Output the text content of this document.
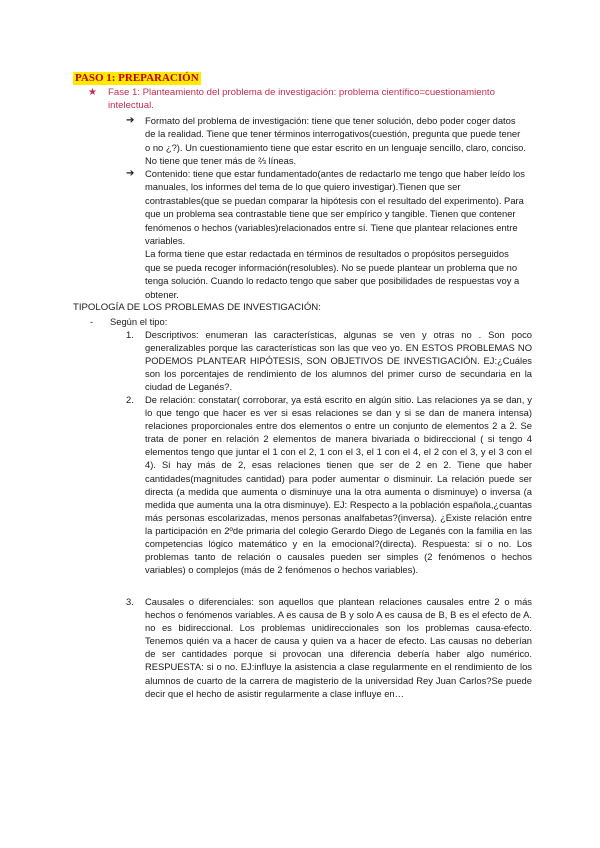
PASO 1: PREPARACIÓN
★	Fase 1: Planteamiento del problema de investigación: problema científico=cuestionamiento intelectual.
➔	Formato del problema de investigación: tiene que tener solución, debo poder coger datos de la realidad. Tiene que tener términos interrogativos(cuestión, pregunta que puede tener o no ¿?). Un cuestionamiento tiene que estar escrito en un lenguaje sencillo, claro, conciso. No tiene que tener más de ⅔ líneas.
➔ Contenido: tiene que estar fundamentado(antes de redactarlo me tengo que haber leído los manuales, los informes del tema de lo que quiero investigar).Tienen que ser contrastables(que se puedan comparar la hipótesis con el resultado del experimento). Para que un problema sea contrastable tiene que ser empírico y tangible. Tienen que contener fenómenos o hechos (variables)relacionados entre sí. Tiene que plantear relaciones entre variables.

La forma tiene que estar redactada en términos de resultados o propósitos perseguidos que se pueda recoger información(resolubles). No se puede plantear un problema que no tenga solución. Cuando lo redacto tengo que saber que posibilidades de respuestas voy a obtener.

TIPOLOGÍA DE LOS PROBLEMAS DE INVESTIGACIÓN:
-	Según el tipo:
1.	Descriptivos: enumeran las características, algunas se ven y otras no . Son poco generalizables porque las características son las que veo yo. EN ESTOS PROBLEMAS NO PODEMOS PLANTEAR HIPÓTESIS, SON OBJETIVOS DE INVESTIGACIÓN. EJ:¿Cuáles son los porcentajes de rendimiento de los alumnos del primer curso de secundaria en la ciudad de Leganés?.
2.	De relación: constatar( corroborar, ya está escrito en algún sitio. Las relaciones ya se dan, y lo que tengo que hacer es ver si esas relaciones se dan y si se dan de manera intensa) relaciones proporcionales entre dos elementos o entre un conjunto de elementos 2 a 2. Se trata de poner en relación 2 elementos de manera bivariada o bidireccional ( si tengo 4 elementos tengo que juntar el 1 con el 2, 1 con el 3, el 1 con el 4, el 2 con el 3, y el 3 con el 4). Si hay más de 2, esas relaciones tienen que ser de 2 en 2. Tiene que haber cantidades(magnitudes cantidad) para poder aumentar o disminuir. La relación puede ser directa (a medida que aumenta o disminuye una la otra aumenta o disminuye) o inversa (a medida que aumenta una la otra disminuye). EJ: Respecto a la población española,¿cuantas más personas escolarizadas, menos personas analfabetas?(inversa). ¿Existe relación entre la participación en 2ºde primaria del colegio Gerardo Diego de Leganés con la familia en las competencias lógico matemático y en la emocional?(directa). Respuesta: si o no. Los problemas tanto de relación o causales pueden ser simples (2 fenómenos o hechos variables) o complejos (más de 2 fenómenos o hechos variables).
3.	Causales o diferenciales: son aquellos que plantean relaciones causales entre 2 o más hechos o fenómenos variables. A es causa de B y solo A es causa de B, B es el efecto de A. no es bidireccional. Los problemas unidireccionales son los problemas causa-efecto. Tenemos quién va a hacer de causa y quien va a hacer de efecto. Las causas no deberían de ser cantidades porque si provocan una diferencia debería haber algo numérico. RESPUESTA: si o no. EJ:influye la asistencia a clase regularmente en el rendimiento de los alumnos de cuarto de la carrera de magisterio de la universidad Rey Juan Carlos?Se puede decir que el hecho de asistir regularmente a clase influye en…
